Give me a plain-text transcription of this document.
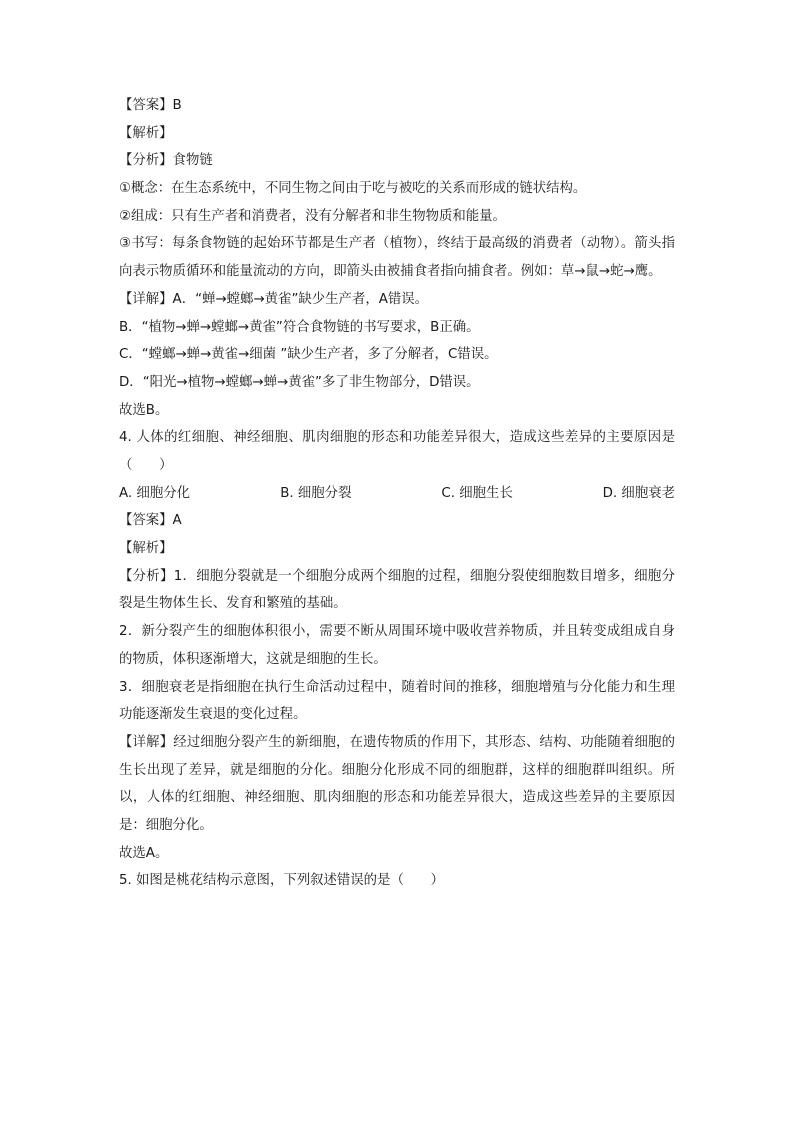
【答案】B

【解析】

【分析】食物链

①概念：在生态系统中，不同生物之间由于吃与被吃的关系而形成的链状结构。

②组成：只有生产者和消费者，没有分解者和非生物物质和能量。

③书写：每条食物链的起始环节都是生产者（植物），终结于最高级的消费者（动物）。箭头指向表示物质循环和能量流动的方向，即箭头由被捕食者指向捕食者。例如：草→鼠→蛇→鹰。

【详解】A．“蝉→螳螂→黄雀”缺少生产者，A错误。

B．“植物→蝉→螳螂→黄雀”符合食物链的书写要求，B正确。

C．“螳螂→蝉→黄雀→细菌 ”缺少生产者，多了分解者，C错误。

D．“阳光→植物→螳螂→蝉→黄雀”多了非生物部分，D错误。

故选B。

4. 人体的红细胞、神经细胞、肌肉细胞的形态和功能差异很大，造成这些差异的主要原因是（　　）

A. 细胞分化	B. 细胞分裂	C. 细胞生长	D. 细胞衰老

【答案】A

【解析】

【分析】1．细胞分裂就是一个细胞分成两个细胞的过程，细胞分裂使细胞数目增多，细胞分裂是生物体生长、发育和繁殖的基础。

2．新分裂产生的细胞体积很小，需要不断从周围环境中吸收营养物质，并且转变成组成自身的物质，体积逐渐增大，这就是细胞的生长。

3．细胞衰老是指细胞在执行生命活动过程中，随着时间的推移，细胞增殖与分化能力和生理功能逐渐发生衰退的变化过程。

【详解】经过细胞分裂产生的新细胞，在遗传物质的作用下，其形态、结构、功能随着细胞的生长出现了差异，就是细胞的分化。细胞分化形成不同的细胞群，这样的细胞群叫组织。所以，人体的红细胞、神经细胞、肌肉细胞的形态和功能差异很大，造成这些差异的主要原因是：细胞分化。

故选A。

5. 如图是桃花结构示意图，下列叙述错误的是（　　）
